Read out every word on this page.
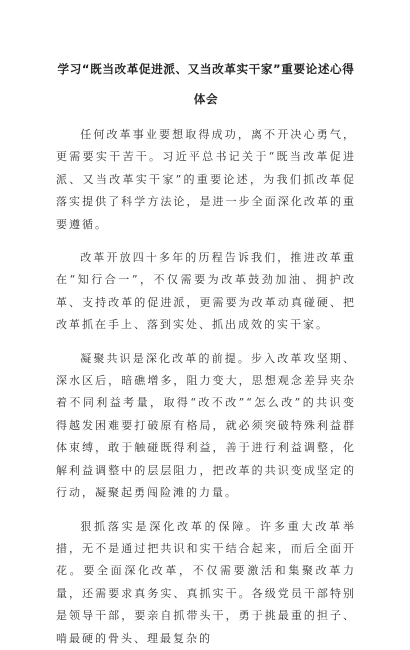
学习“既当改革促进派、又当改革实干家”重要论述心得体会

任何改革事业要想取得成功，离不开决心勇气，更需要实干苦干。习近平总书记关于“既当改革促进派、又当改革实干家”的重要论述，为我们抓改革促落实提供了科学方法论，是进一步全面深化改革的重要遵循。

改革开放四十多年的历程告诉我们，推进改革重在“知行合一”，不仅需要为改革鼓劲加油、拥护改革、支持改革的促进派，更需要为改革动真碰硬、把改革抓在手上、落到实处、抓出成效的实干家。

凝聚共识是深化改革的前提。步入改革攻坚期、深水区后，暗礁增多，阻力变大，思想观念差异夹杂着不同利益考量，取得“改不改”“怎么改”的共识变得越发困难要打破原有格局，就必须突破特殊利益群体束缚，敢于触碰既得利益，善于进行利益调整，化解利益调整中的层层阻力，把改革的共识变成坚定的行动，凝聚起勇闯险滩的力量。

狠抓落实是深化改革的保障。许多重大改革举措，无不是通过把共识和实干结合起来，而后全面开花。要全面深化改革，不仅需要激活和集聚改革力量，还需要求真务实、真抓实干。各级党员干部特别是领导干部，要亲自抓带头干，勇于挑最重的担子、啃最硬的骨头、理最复杂的
